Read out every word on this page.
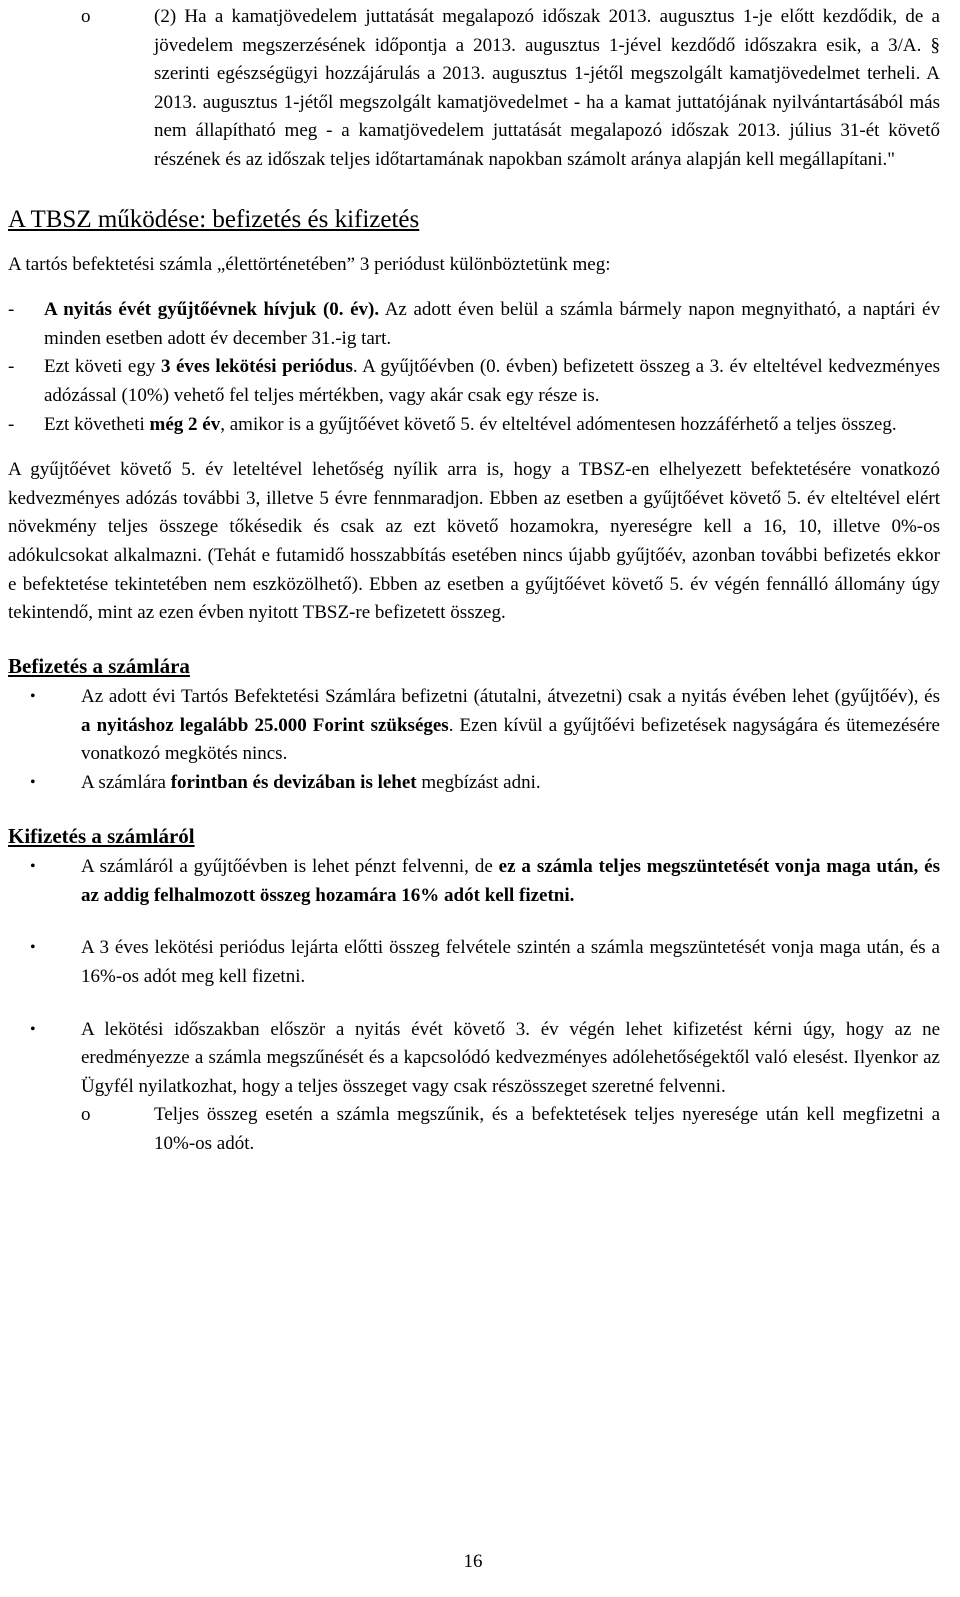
o	(2) Ha a kamatjövedelem juttatását megalapozó időszak 2013. augusztus 1-je előtt kezdődik, de a jövedelem megszerzésének időpontja a 2013. augusztus 1-jével kezdődő időszakra esik, a 3/A. § szerinti egészségügyi hozzájárulás a 2013. augusztus 1-jétől megszolgált kamatjövedelmet terheli. A 2013. augusztus 1-jétől megszolgált kamatjövedelmet - ha a kamat juttatójának nyilvántartásából más nem állapítható meg - a kamatjövedelem juttatását megalapozó időszak 2013. július 31-ét követő részének és az időszak teljes időtartamának napokban számolt aránya alapján kell megállapítani."

A TBSZ működése: befizetés és kifizetés

A tartós befektetési számla „élettörténetében” 3 periódust különböztetünk meg:

- A nyitás évét gyűjtőévnek hívjuk (0. év). Az adott éven belül a számla bármely napon megnyitható, a naptári év minden esetben adott év december 31.-ig tart.

- Ezt követi egy 3 éves lekötési periódus. A gyűjtőévben (0. évben) befizetett összeg a 3. év elteltével kedvezményes adózással (10%) vehető fel teljes mértékben, vagy akár csak egy része is.

- Ezt követheti még 2 év, amikor is a gyűjtőévet követő 5. év elteltével adómentesen hozzáférhető a teljes összeg.

A gyűjtőévet követő 5. év leteltével lehetőség nyílik arra is, hogy a TBSZ-en elhelyezett befektetésére vonatkozó kedvezményes adózás további 3, illetve 5 évre fennmaradjon. Ebben az esetben a gyűjtőévet követő 5. év elteltével elért növekmény teljes összege tőkésedik és csak az ezt követő hozamokra, nyereségre kell a 16, 10, illetve 0%-os adókulcsokat alkalmazni. (Tehát e futamidő hosszabbítás esetében nincs újabb gyűjtőév, azonban további befizetés ekkor e befektetése tekintetében nem eszközölhető). Ebben az esetben a gyűjtőévet követő 5. év végén fennálló állomány úgy tekintendő, mint az ezen évben nyitott TBSZ-re befizetett összeg.

Befizetés a számlára
• Az adott évi Tartós Befektetési Számlára befizetni (átutalni, átvezetni) csak a nyitás évében lehet (gyűjtőév), és a nyitáshoz legalább 25.000 Forint szükséges. Ezen kívül a gyűjtőévi befizetések nagyságára és ütemezésére vonatkozó megkötés nincs.

• A számlára forintban és devizában is lehet megbízást adni.

Kifizetés a számláról
• A számláról a gyűjtőévben is lehet pénzt felvenni, de ez a számla teljes megszüntetését vonja maga után, és az addig felhalmozott összeg hozamára 16% adót kell fizetni.

• A 3 éves lekötési periódus lejárta előtti összeg felvétele szintén a számla megszüntetését vonja maga után, és a 16%-os adót meg kell fizetni.

• A lekötési időszakban először a nyitás évét követő 3. év végén lehet kifizetést kérni úgy, hogy az ne eredményezze a számla megszűnését és a kapcsolódó kedvezményes adólehetőségektől való elesést. Ilyenkor az Ügyfél nyilatkozhat, hogy a teljes összeget vagy csak részösszeget szeretné felvenni.

o	Teljes összeg esetén a számla megszűnik, és a befektetések teljes nyeresége után kell megfizetni a 10%-os adót.

16
